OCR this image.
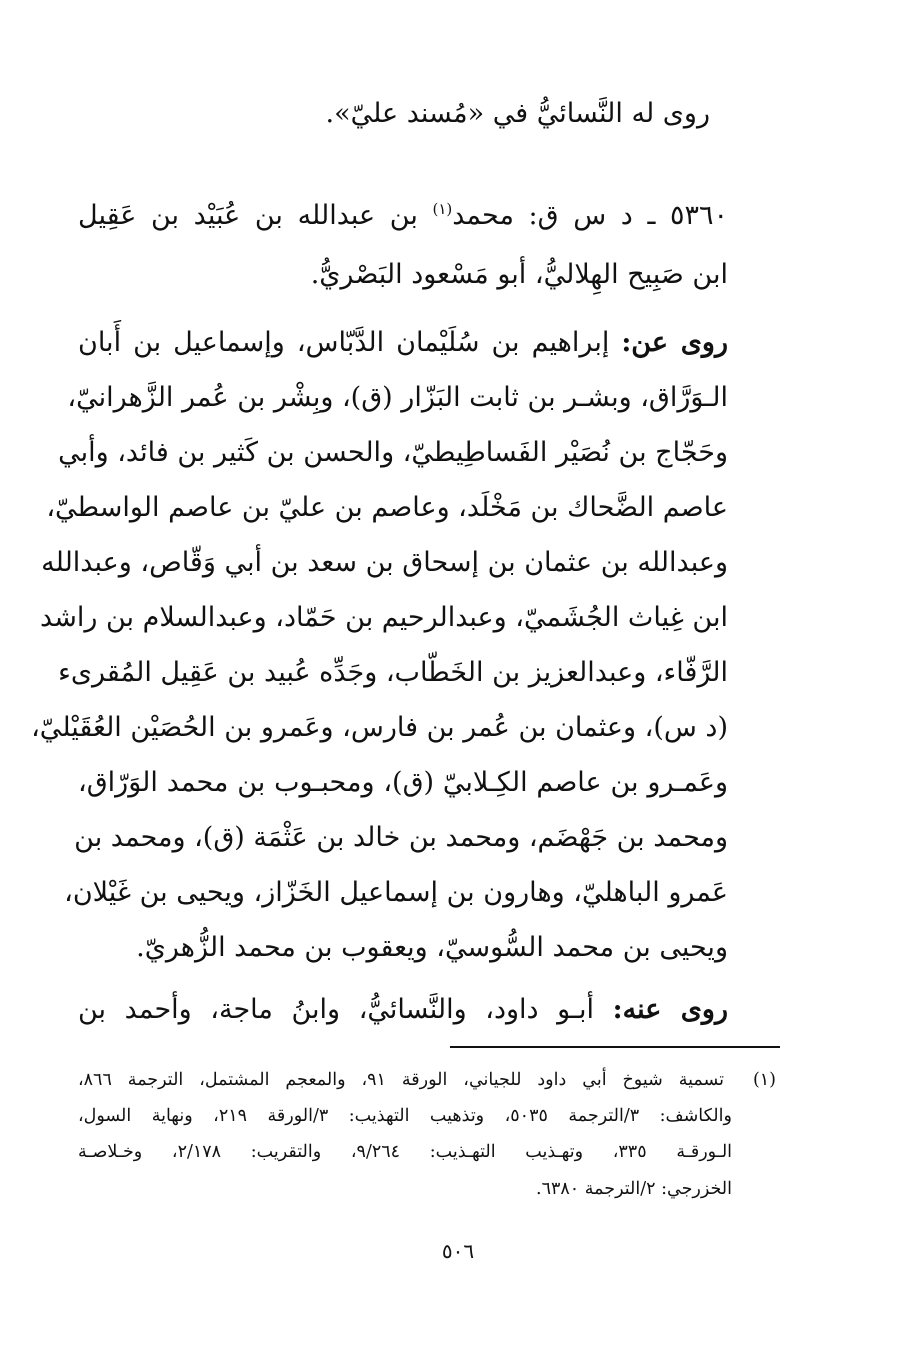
روى له النَّسائيُّ في «مُسند عليّ».
٥٣٦٠ ـ د س ق: محمد$^{(١)}$ بن عبدالله بن عُبَيْد بن عَقِيل
ابن صَبِيح الهِلاليُّ، أبو مَسْعود البَصْريُّ.
روى عن: إبراهيم بن سُلَيْمان الدَّبّاس، وإسماعيل بن أَبان
الـوَرَّاق، وبشـر بن ثابت البَزّار (ق)، وبِشْر بن عُمر الزَّهرانيّ،
وحَجّاج بن نُصَيْر الفَساطِيطيّ، والحسن بن كَثير بن فائد، وأبي
عاصم الضَّحاك بن مَخْلَد، وعاصم بن عليّ بن عاصم الواسطيّ،
وعبدالله بن عثمان بن إسحاق بن سعد بن أبي وَقّاص، وعبدالله
ابن غِياث الجُشَميّ، وعبدالرحيم بن حَمّاد، وعبدالسلام بن راشد
الرَّفّاء، وعبدالعزيز بن الخَطّاب، وجَدِّه عُبيد بن عَقِيل المُقرىء
(د س)، وعثمان بن عُمر بن فارس، وعَمرو بن الحُصَيْن العُقَيْليّ،
وعَمـرو بن عاصم الكِـلابيّ (ق)، ومحبـوب بن محمد الوَرّاق،
ومحمد بن جَهْضَم، ومحمد بن خالد بن عَثْمَة (ق)، ومحمد بن
عَمرو الباهليّ، وهارون بن إسماعيل الخَزّاز، ويحيى بن غَيْلان،
ويحيى بن محمد السُّوسيّ، ويعقوب بن محمد الزُّهريّ.
روى عنه: أبـو داود، والنَّسائيُّ، وابنُ ماجة، وأحمد بن
(١)
تسمية شيوخ أبي داود للجياني، الورقة ٩١، والمعجم المشتمل، الترجمة ٨٦٦،
والكاشف: ٣/الترجمة ٥٠٣٥، وتذهيب التهذيب: ٣/الورقة ٢١٩، ونهاية السول،
الـورقـة ٣٣٥، وتهـذيب التهـذيب: ٩/٢٦٤، والتقريب: ٢/١٧٨، وخـلاصـة
الخزرجي: ٢/الترجمة ٦٣٨٠.
٥٠٦
